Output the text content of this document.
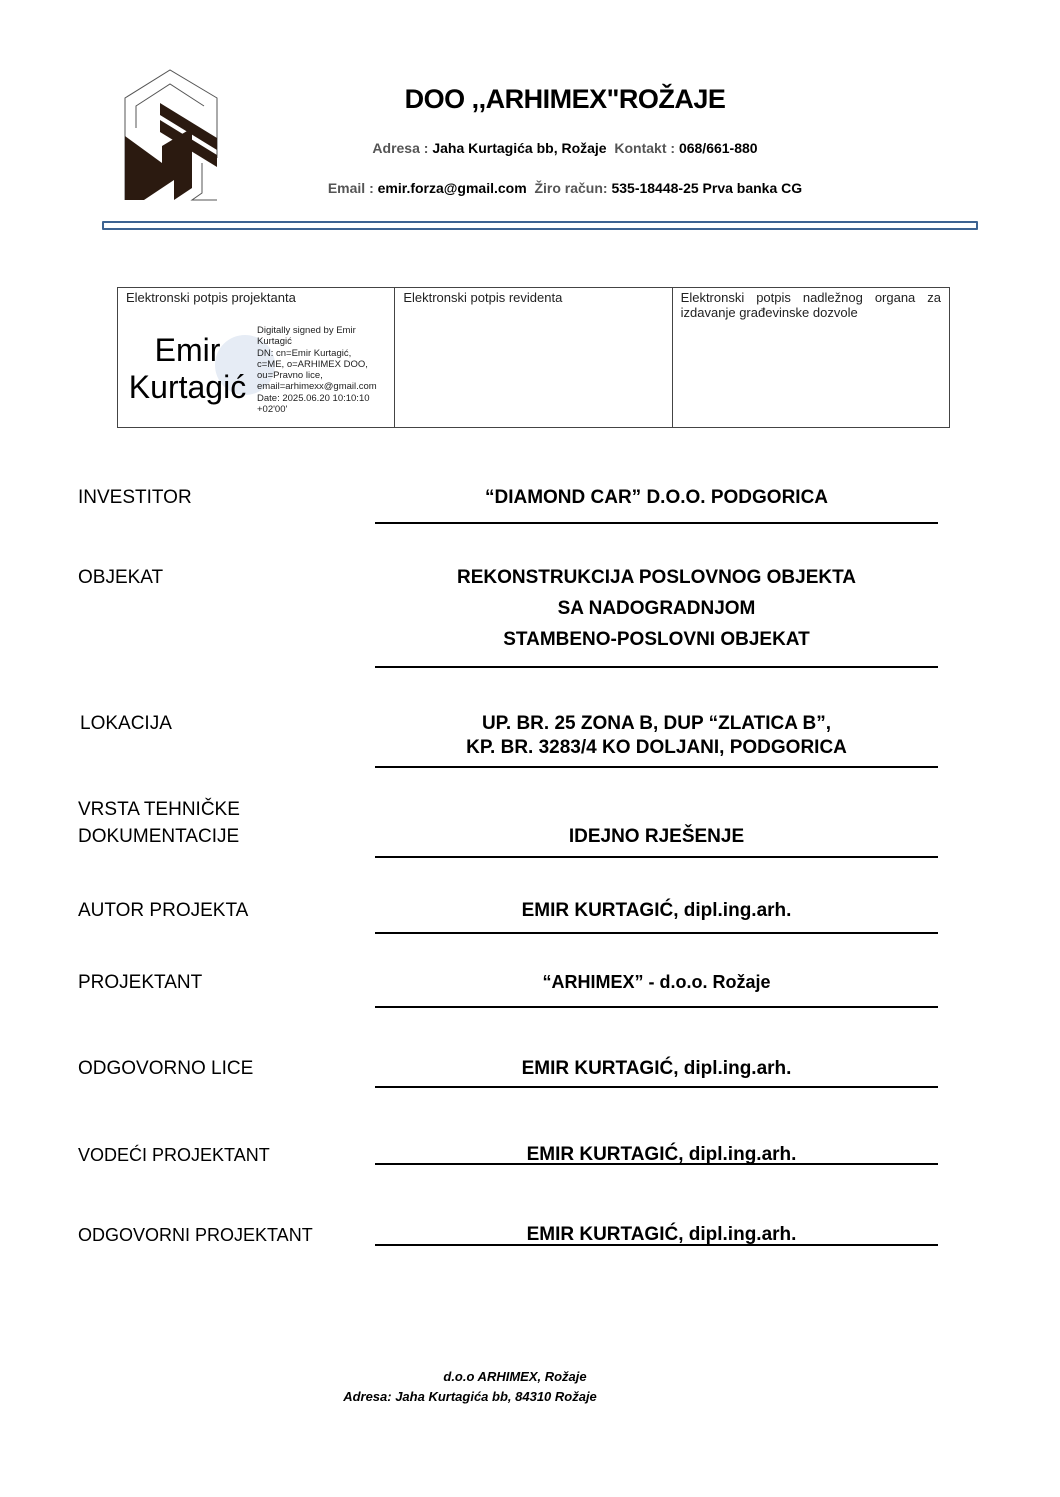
DOO ,,ARHIMEX"ROŽAJE
Adresa : Jaha Kurtagića bb, Rožaje Kontakt : 068/661-880
Email : emir.forza@gmail.com Žiro račun: 535-18448-25 Prva banka CG
Elektronski potpis projektanta	Elektronski potpis revidenta	Elektronski potpis nadležnog organa za izdavanje građevinske dozvole
Emir
Kurtagić
Digitally signed by Emir
Kurtagić
DN: cn=Emir Kurtagić,
c=ME, o=ARHIMEX DOO,
ou=Pravno lice,
email=arhimexx@gmail.com
Date: 2025.06.20 10:10:10
+02'00'
INVESTITOR	“DIAMOND CAR” D.O.O. PODGORICA
OBJEKAT	REKONSTRUKCIJA POSLOVNOG OBJEKTA
SA NADOGRADNJOM
STAMBENO-POSLOVNI OBJEKAT
LOKACIJA	UP. BR. 25 ZONA B, DUP “ZLATICA B”,
KP. BR. 3283/4 KO DOLJANI, PODGORICA
VRSTA TEHNIČKE
DOKUMENTACIJE	IDEJNO RJEŠENJE
AUTOR PROJEKTA	EMIR KURTAGIĆ, dipl.ing.arh.
PROJEKTANT	“ARHIMEX” - d.o.o. Rožaje
ODGOVORNO LICE	EMIR KURTAGIĆ, dipl.ing.arh.
VODEĆI PROJEKTANT	EMIR KURTAGIĆ, dipl.ing.arh.
ODGOVORNI PROJEKTANT	EMIR KURTAGIĆ, dipl.ing.arh.
d.o.o ARHIMEX, Rožaje
Adresa: Jaha Kurtagića bb, 84310 Rožaje
